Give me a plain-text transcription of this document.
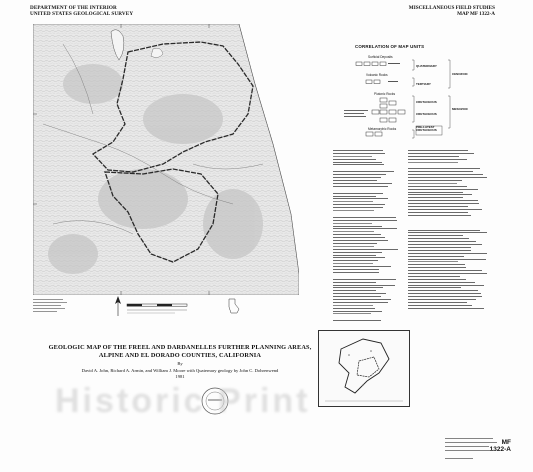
DEPARTMENT OF THE INTERIOR
UNITED STATES GEOLOGICAL SURVEY
MISCELLANEOUS FIELD STUDIES
MAP MF 1322-A
CORRELATION OF MAP UNITS
Surficial Deposits
Volcanic Rocks
Plutonic Rocks
Metamorphic Rocks
QUATERNARY
TERTIARY
CENOZOIC
CRETACEOUS
CRETACEOUS
MESOZOIC
PRE-LATEST CRETACEOUS
GEOLOGIC MAP OF THE FREEL AND DARDANELLES FURTHER PLANNING AREAS,
ALPINE AND EL DORADO COUNTIES, CALIFORNIA
By
David A. John, Richard A. Armin, and William J. Moore with Quaternary geology by John C. Dohrenwend
1981
Historic Print
MF
1322-A
